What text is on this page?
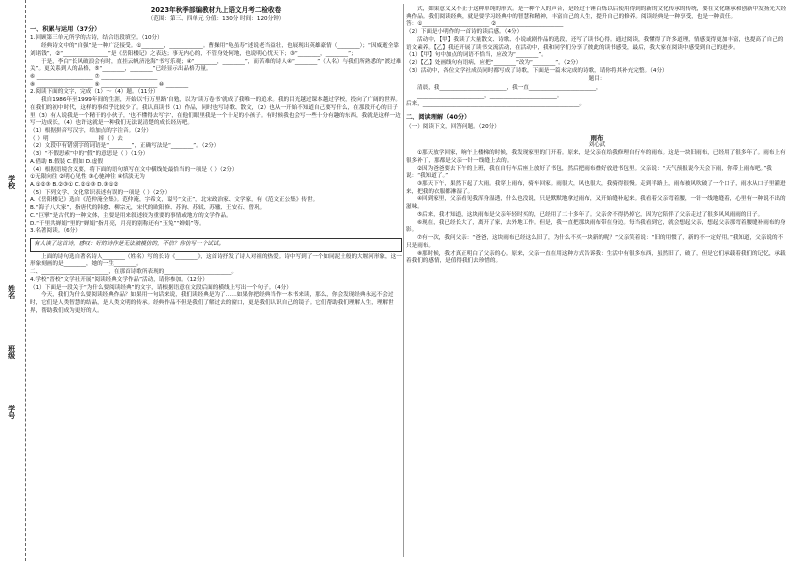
学校
姓名
班级
学号
2023年秋季部编教材九上语文月考二检收卷
（范围：第三、四单元 分值：130分 时间：120分钟）
一、积累与运用（37分）
1.回顾第三单元所学的古诗，结合语段填空。（10分）
经典诗文中的“自强”是一种广泛接受。①________，____________。曹操用“龟虽寿”述说老当益壮，也展现出英雄豪情（________）；“因威逝全靠刘诸钱”，②“________________”是《岳阳楼记》之表达；事无内心的，不管身处何地，也说明心忧天下；③“________，________”；
于是，李白“长风破浪会有时，直挂云帆济沧海”书写乐观；④“________，________”，而苦难的诗人④“________”（人名）与我们所熟悉的“渡过难关”。更关系到人的品格，⑤“________，________”已经显示出品格力量。
⑥ ____________________ ⑦ ____________________
⑧ ____________________ ⑨ ____________________ ⑩ ________
2.阅读下面的文字，完成（1）～（4）题。（11分）
我自1986年至1999年间的生涯，开始以‘行万里路’自勉，以为‘读万卷书’就成了我唯一的追求。我的目光越过课本越过学校，投向了广阔的世界。在我们的初中时代，这样的事似乎比较少了。我认真读书（1）作品，同时也写诗歌、散文，（2）也从一开始不知道自己要写什么，在那段开心的日子里（3）有人说我是一个精干的小伙子，‘也不懂得去写字’，在他们眼里我是一个十足的小孩子。有时候我也会写一些十分有趣的东西，我就是这样一边写一边成长，（4）也许这就是一种我们无法说清楚的成长经历吧。
（1）根据拼音写汉字，给加点的字注音。（2分）
（ ）明 ________ ________ 摔（ ）去
（2）文段中有错别字的词语是“________”，正确写法是“________”。（2分）
（3）“不假思索”中的“假”的意思是（ ）（1分）
A.借助 B.假装 C.假如 D.虚假
（4）根据语境含义要，将下面的语句填写在文中横线处最恰当的一项是（ ）（2分）
①无限向往 ②明心见性 ③心驰神往 ④恬淡无为
A.①②③ B.②③① C.②①③ D.③①②
（5）下列文学、文化常识表述有误的一项是（ ）（2分）
A.《岳阳楼记》选自《范仲淹全集》。范仲淹，字希文，谥号“文正”，北宋政治家、文学家，有《范文正公集》传世。
B.“海子八大家”，指唐代的韩愈、柳宗元，宋代的欧阳修、苏洵、苏轼、苏辙、王安石、曾巩。
C.“巨擘”是古代的一种文体，主要是用来叙述较为重要的事情或地方的文学作品。
D.“千里共婵娟”里的“婵娟”指月亮，月亮的别称还有“玉兔”“婵娟”等。
3.名著阅读。（6分）
有人读了这首诗，感叹：好的诗作是无法被模仿的，不信？你仿写一个试试。
上面的诗句选自著名诗人________（姓名）写的长诗《________》，这首诗抒发了诗人对祖的热爱。诗中写到了一个如同泥土般的大堰河形象，这一形象刻画的是________，她的一生________。
二、________________________，在那首诗歌所表现的________________________。
4.学校“晋校”文学社开展“阅读经典文学作品”活动，请你参加。（12分）
（1）下面是一段关于“为什么要阅读经典”的文字，请根据语意在文段后面的横线上写出一个句子。（4分）
今天，我们为什么要阅读经典作品？如果用一句话来说，我们读经典是为了……如果你把经典当作一本书来读，那么，你会发现经典永远不会过时，它们是人类智慧的结晶，是人类文明的传承。经典作品不但是我们了解过去的窗口，更是我们认识自己的镜子。它们帮助我们理解人生，理解世界，帮助我们成为更好的人。
式，如果意义又不止于这种单纯的形式。是一种个人的声音，是经过千锤百炼以后使用得到的新的文化传承的传统，要在文化继承和创新中发扬光大经典作品。我们阅读经典，就是要学习经典中的智慧和精神，丰富自己的人生，提升自己的修养。阅读经典是一种享受，也是一种责任。
答：①________________________ ②________________________
（2）下面是小明作的一首诗的读后感。（4分）
活动中，【甲】我读了大量散文、诗歌、小说或剧作品的选段，还写了读书心得。通过阅读，我懂得了许多道理，情感变得更加丰富，也提高了自己的语文素养。【乙】我还开展了读书交流活动，在活动中，我和同学们分享了彼此的读书感受，最后，我大家在阅读中感受到自己的进步。
（1）【甲】句中加点的词语不恰当，应改为“________”。
（2）【乙】处画线句有语病，应把“________”改为“________”。（2分）
（3）活动中，各位文学社成员同时都写成了诗歌，下面是一篇未完成的诗歌，请你将其补充完整。（4分）
题目：
清晨，我________________________，我一直________________________，
________________________，________________________。
后来，________________________________________________________。
二、阅读理解（40分）
（一）阅读下文，回答问题。（20分）
雨布
刘心武
①那天放学回家，晌午上楼梯的时候，我发现家里的门开着。原来，是父亲在给我修理自行车的雨布。这是一块旧雨布，已经用了很多年了。雨布上有很多补丁，那都是父亲一针一线缝上去的。
②因为爸爸要去下午的上班，我在自行车后座上放好了书包，然后把雨布叠好放进书包里。父亲说：“天气预报说今天会下雨，你带上雨布吧。”我说：“我知道了。”
③那天下午，果然下起了大雨。我穿上雨布，骑车回家。雨很大，风也很大，我骑得很慢。走到半路上，雨布被风吹破了一个口子，雨水从口子里灌进来，把我的衣服都淋湿了。
④回到家里，父亲看见我浑身湿透，什么也没说，只是默默地拿过雨布，又开始缝补起来。我看着父亲弯着腰，一针一线地缝着，心里有一种说不出的滋味。
⑤后来，我才知道，这块雨布是父亲年轻时买的，已经用了二十多年了。父亲舍不得扔掉它，因为它陪伴了父亲走过了很多风风雨雨的日子。
⑥现在，我已经长大了，离开了家，去外地工作。但是，我一直把那块雨布带在身边。每当我看到它，就会想起父亲，想起父亲那弯着腰缝补雨布的身影。
⑦有一次，我问父亲：“爸爸，这块雨布已经这么旧了，为什么不买一块新的呢？”父亲笑着说：“旧的用惯了，新的不一定好用。”我知道，父亲说的不只是雨布。
⑧那时候，我才真正明白了父亲的心。原来，父亲一直在用这种方式告诉我：生活中有很多东西，虽然旧了，破了，但是它们承载着我们的记忆，承载着我们的感情，是值得我们去珍惜的。
